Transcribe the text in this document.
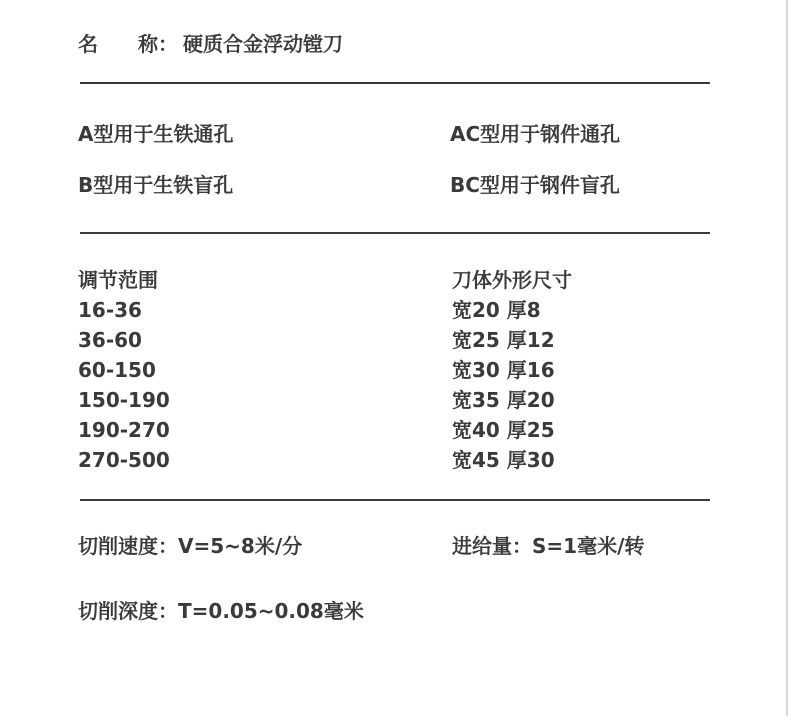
名　　称： 硬质合金浮动镗刀
A型用于生铁通孔	AC型用于钢件通孔
B型用于生铁盲孔	BC型用于钢件盲孔
调节范围	刀体外形尺寸
16-36	宽20 厚8
36-60	宽25 厚12
60-150	宽30 厚16
150-190	宽35 厚20
190-270	宽40 厚25
270-500	宽45 厚30
切削速度：V=5~8米/分	进给量：S=1毫米/转
切削深度：T=0.05~0.08毫米
